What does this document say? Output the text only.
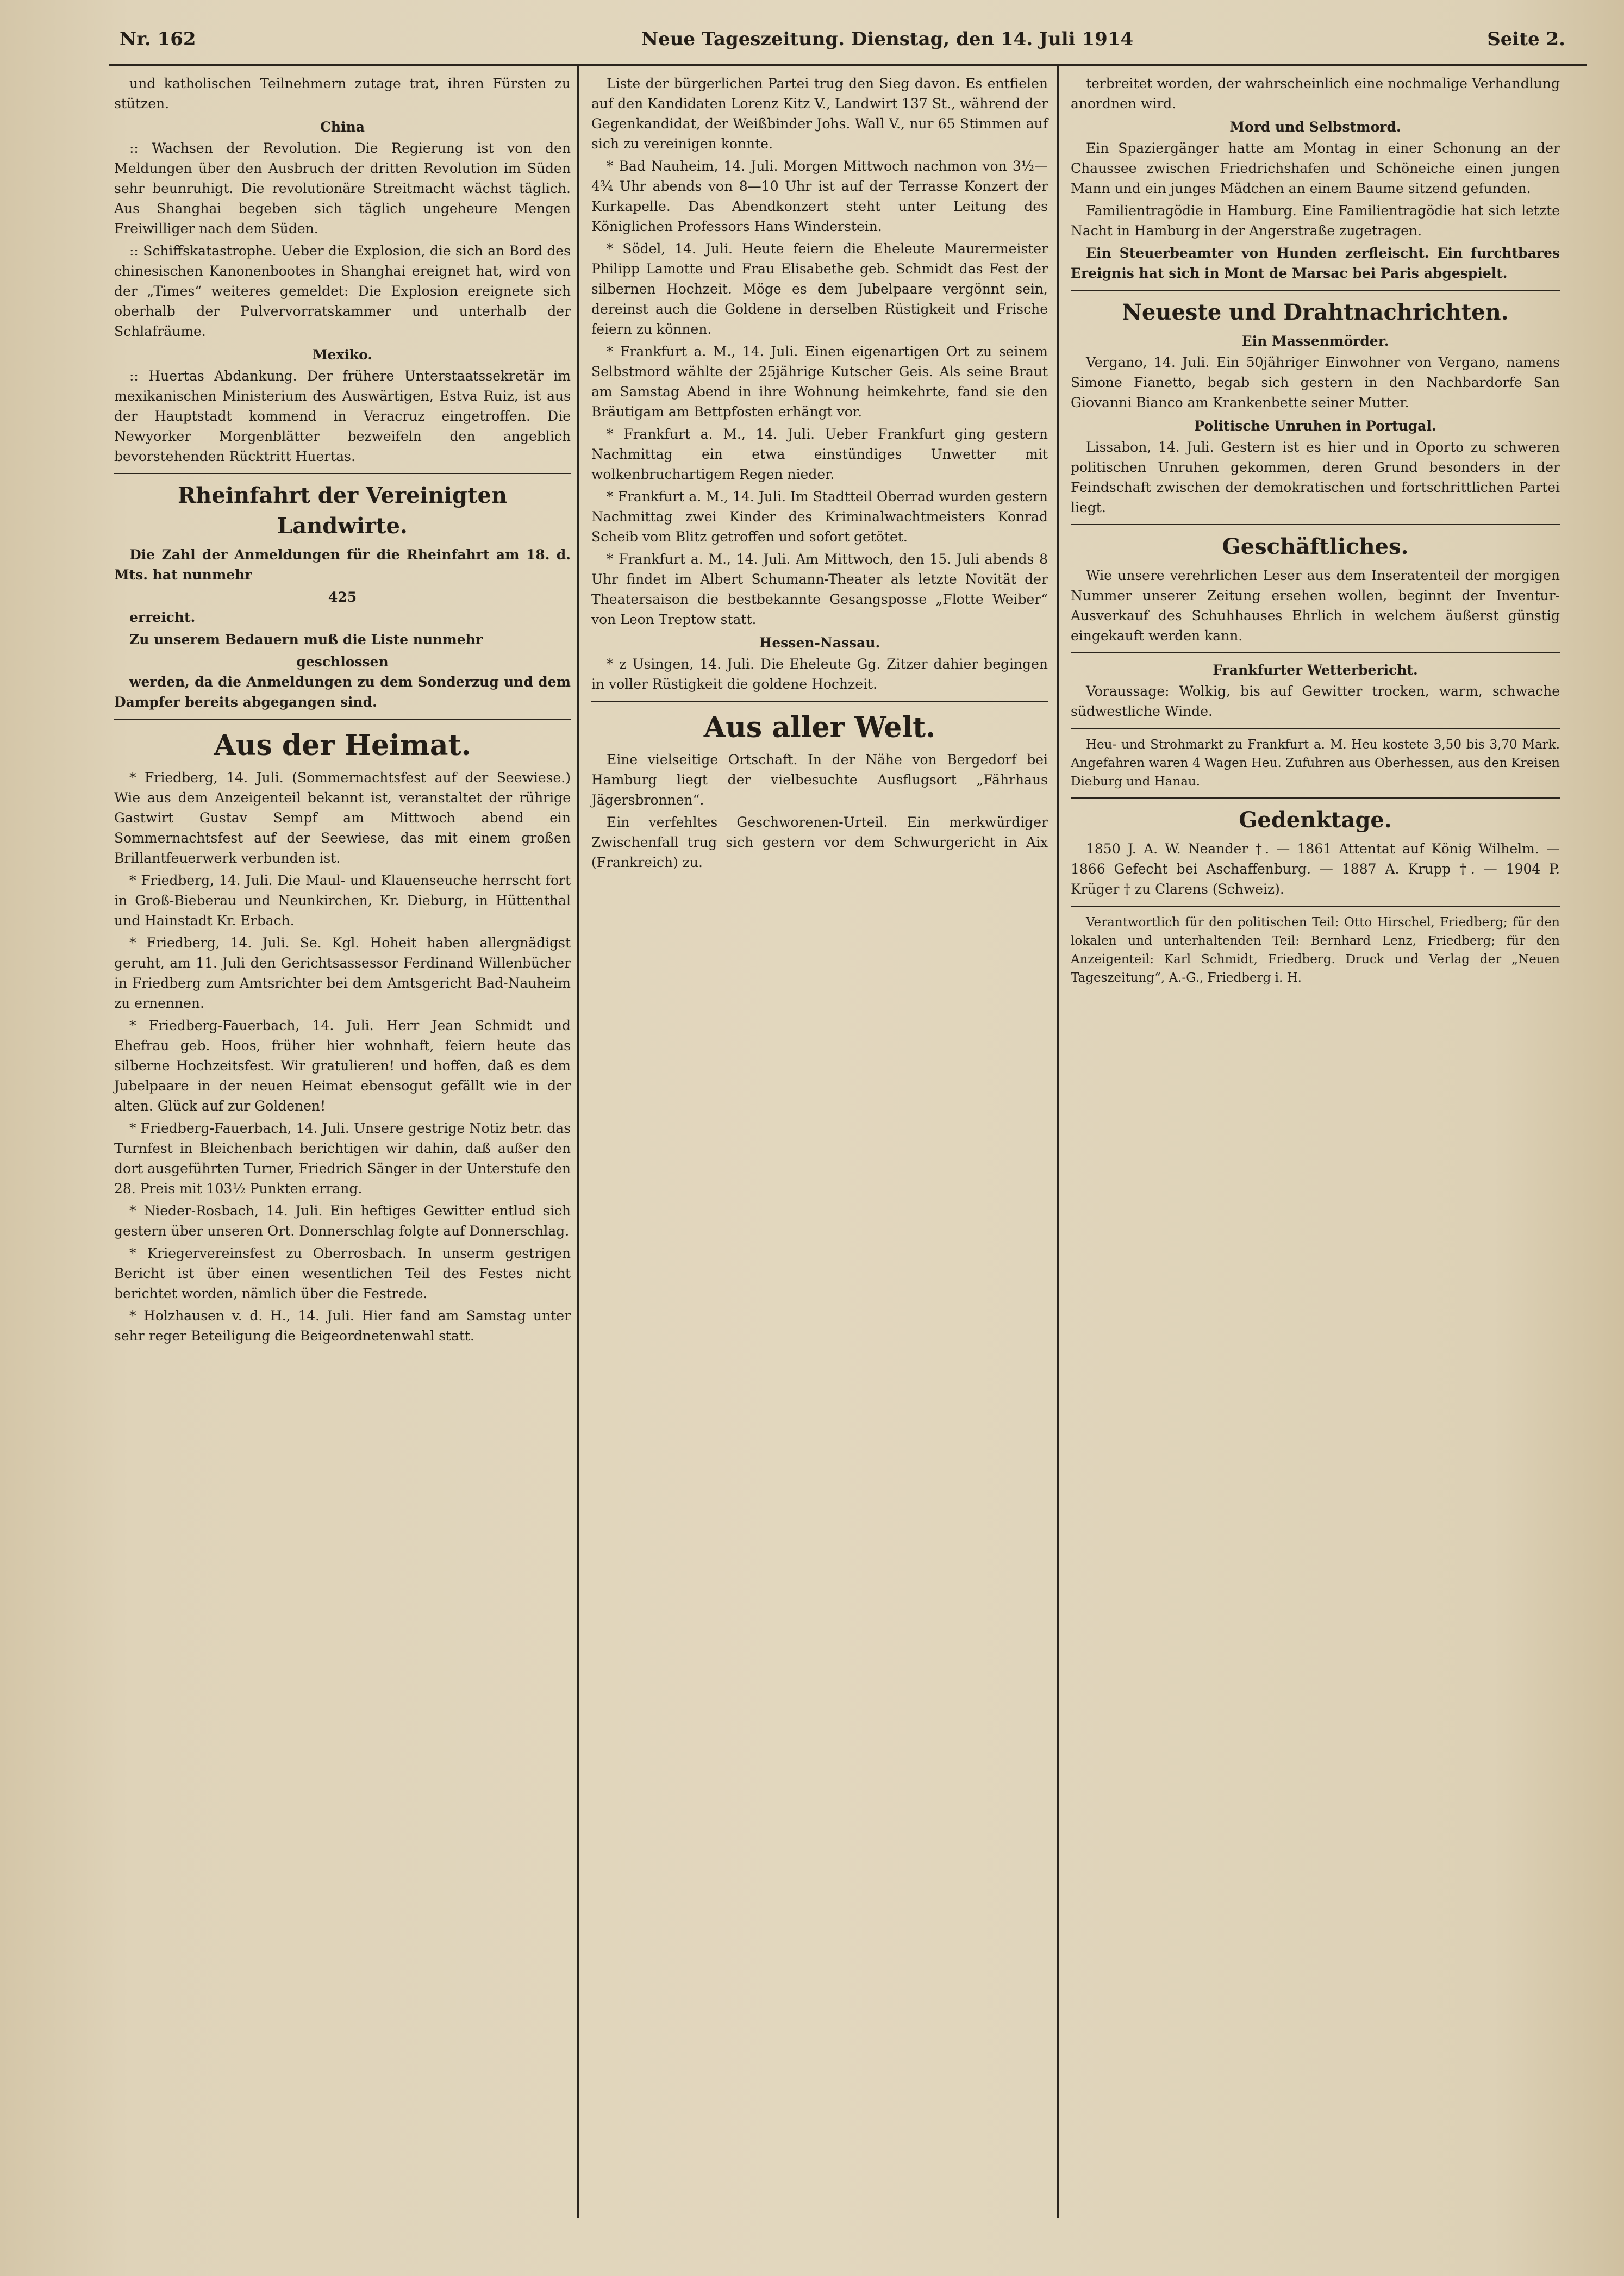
Nr. 162	Neue Tageszeitung. Dienstag, den 14. Juli 1914	Seite 2.

und katholischen Teilnehmern zutage trat, ihren Fürsten zu stützen.

China

:: Wachsen der Revolution. Die Regierung ist von den Meldungen über den Ausbruch der dritten Revolution im Süden sehr beunruhigt. Die revolutionäre Streitmacht wächst täglich. Aus Shanghai begeben sich täglich ungeheure Mengen Freiwilliger nach dem Süden.

:: Schiffskatastrophe. Ueber die Explosion, die sich an Bord des chinesischen Kanonenbootes in Shanghai ereignet hat, wird von der „Times“ weiteres gemeldet: Die Explosion ereignete sich oberhalb der Pulvervorratskammer und unterhalb der Schlafräume.

Mexiko.

:: Huertas Abdankung. Der frühere Unterstaatssekretär im mexikanischen Ministerium des Auswärtigen, Estva Ruiz, ist aus der Hauptstadt kommend in Veracruz eingetroffen. Die Newyorker Morgenblätter bezweifeln den angeblich bevorstehenden Rücktritt Huertas.

Rheinfahrt der Vereinigten Landwirte.

Die Zahl der Anmeldungen für die Rheinfahrt am 18. d. Mts. hat nunmehr

425

erreicht.

Zu unserem Bedauern muß die Liste nunmehr

geschlossen

werden, da die Anmeldungen zu dem Sonderzug und dem Dampfer bereits abgegangen sind.

Aus der Heimat.

* Friedberg, 14. Juli. (Sommernachtsfest auf der Seewiese.) Wie aus dem Anzeigenteil bekannt ist, veranstaltet der rührige Gastwirt Gustav Sempf am Mittwoch abend ein Sommernachtsfest auf der Seewiese, das mit einem großen Brillantfeuerwerk verbunden ist.

* Friedberg, 14. Juli. Die Maul- und Klauenseuche herrscht fort in Groß-Bieberau und Neunkirchen, Kr. Dieburg, in Hüttenthal und Hainstadt Kr. Erbach.

* Friedberg, 14. Juli. Se. Kgl. Hoheit haben allergnädigst geruht, am 11. Juli den Gerichtsassessor Ferdinand Willenbücher in Friedberg zum Amtsrichter bei dem Amtsgericht Bad-Nauheim zu ernennen.

* Friedberg-Fauerbach, 14. Juli. Herr Jean Schmidt und Ehefrau geb. Hoos, früher hier wohnhaft, feiern heute das silberne Hochzeitsfest. Wir gratulieren! und hoffen, daß es dem Jubelpaare in der neuen Heimat ebensogut gefällt wie in der alten. Glück auf zur Goldenen!

* Friedberg-Fauerbach, 14. Juli. Unsere gestrige Notiz betr. das Turnfest in Bleichenbach berichtigen wir dahin, daß außer den dort ausgeführten Turner, Friedrich Sänger in der Unterstufe den 28. Preis mit 103½ Punkten errang.

* Nieder-Rosbach, 14. Juli. Ein heftiges Gewitter entlud sich gestern über unseren Ort. Donnerschlag folgte auf Donnerschlag.

* Kriegervereinsfest zu Oberrosbach. In unserm gestrigen Bericht ist über einen wesentlichen Teil des Festes nicht berichtet worden, nämlich über die Festrede.

* Holzhausen v. d. H., 14. Juli. Hier fand am Samstag unter sehr reger Beteiligung die Beigeordnetenwahl statt.

Liste der bürgerlichen Partei trug den Sieg davon. Es entfielen auf den Kandidaten Lorenz Kitz V., Landwirt 137 St., während der Gegenkandidat, der Weißbinder Johs. Wall V., nur 65 Stimmen auf sich zu vereinigen konnte.

* Bad Nauheim, 14. Juli. Morgen Mittwoch nachmon von 3½—4¾ Uhr abends von 8—10 Uhr ist auf der Terrasse Konzert der Kurkapelle. Das Abendkonzert steht unter Leitung des Königlichen Professors Hans Winderstein.

* Södel, 14. Juli. Heute feiern die Eheleute Maurermeister Philipp Lamotte und Frau Elisabethe geb. Schmidt das Fest der silbernen Hochzeit. Möge es dem Jubelpaare vergönnt sein, dereinst auch die Goldene in derselben Rüstigkeit und Frische feiern zu können.

* Frankfurt a. M., 14. Juli. Einen eigenartigen Ort zu seinem Selbstmord wählte der 25jährige Kutscher Geis. Als seine Braut am Samstag Abend in ihre Wohnung heimkehrte, fand sie den Bräutigam am Bettpfosten erhängt vor.

* Frankfurt a. M., 14. Juli. Ueber Frankfurt ging gestern Nachmittag ein etwa einstündiges Unwetter mit wolkenbruchartigem Regen nieder.

* Frankfurt a. M., 14. Juli. Im Stadtteil Oberrad wurden gestern Nachmittag zwei Kinder des Kriminalwachtmeisters Konrad Scheib vom Blitz getroffen und sofort getötet.

* Frankfurt a. M., 14. Juli. Am Mittwoch, den 15. Juli abends 8 Uhr findet im Albert Schumann-Theater als letzte Novität der Theatersaison die bestbekannte Gesangsposse „Flotte Weiber“ von Leon Treptow statt.

Hessen-Nassau.

* z Usingen, 14. Juli. Die Eheleute Gg. Zitzer dahier begingen in voller Rüstigkeit die goldene Hochzeit.

Aus aller Welt.

Eine vielseitige Ortschaft. In der Nähe von Bergedorf bei Hamburg liegt der vielbesuchte Ausflugsort „Fährhaus Jägersbronnen“.

Ein verfehltes Geschworenen-Urteil. Ein merkwürdiger Zwischenfall trug sich gestern vor dem Schwurgericht in Aix (Frankreich) zu.

terbreitet worden, der wahrscheinlich eine nochmalige Verhandlung anordnen wird.

Mord und Selbstmord.

Ein Spaziergänger hatte am Montag in einer Schonung an der Chaussee zwischen Friedrichshafen und Schöneiche einen jungen Mann und ein junges Mädchen an einem Baume sitzend gefunden.

Familientragödie in Hamburg. Eine Familientragödie hat sich letzte Nacht in Hamburg in der Angerstraße zugetragen.

Ein Steuerbeamter von Hunden zerfleischt. Ein furchtbares Ereignis hat sich in Mont de Marsac bei Paris abgespielt.

Neueste und Drahtnachrichten.
Ein Massenmörder.

Vergano, 14. Juli. Ein 50jähriger Einwohner von Vergano, namens Simone Fianetto, begab sich gestern in den Nachbardorfe San Giovanni Bianco am Krankenbette seiner Mutter.

Politische Unruhen in Portugal.

Lissabon, 14. Juli. Gestern ist es hier und in Oporto zu schweren politischen Unruhen gekommen, deren Grund besonders in der Feindschaft zwischen der demokratischen und fortschrittlichen Partei liegt.

Geschäftliches.

Wie unsere verehrlichen Leser aus dem Inseratenteil der morgigen Nummer unserer Zeitung ersehen wollen, beginnt der Inventur-Ausverkauf des Schuhhauses Ehrlich in welchem äußerst günstig eingekauft werden kann.

Frankfurter Wetterbericht.

Voraussage: Wolkig, bis auf Gewitter trocken, warm, schwache südwestliche Winde.

Heu- und Strohmarkt zu Frankfurt a. M. Heu kostete 3,50 bis 3,70 Mark. Angefahren waren 4 Wagen Heu. Zufuhren aus Oberhessen, aus den Kreisen Dieburg und Hanau.

Gedenktage.

1850 J. A. W. Neander †. — 1861 Attentat auf König Wilhelm. — 1866 Gefecht bei Aschaffenburg. — 1887 A. Krupp †. — 1904 P. Krüger † zu Clarens (Schweiz).

Verantwortlich für den politischen Teil: Otto Hirschel, Friedberg; für den lokalen und unterhaltenden Teil: Bernhard Lenz, Friedberg; für den Anzeigenteil: Karl Schmidt, Friedberg. Druck und Verlag der „Neuen Tageszeitung“, A.-G., Friedberg i. H.
